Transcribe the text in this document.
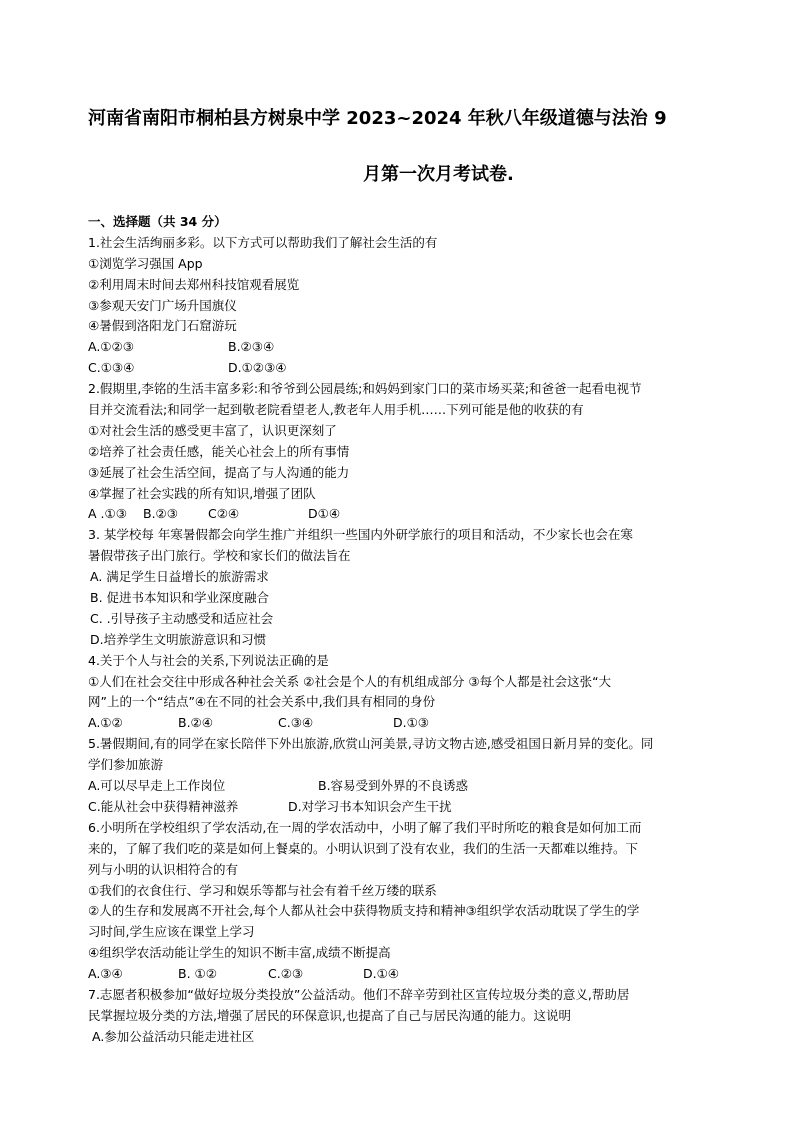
河南省南阳市桐柏县方树泉中学 2023~2024 年秋八年级道德与法治 9
月第一次月考试卷.
一、选择题（共 34 分）
1.社会生活绚丽多彩。以下方式可以帮助我们了解社会生活的有
①浏览学习强国 App
②利用周末时间去郑州科技馆观看展览
③参观天安门广场升国旗仪
④暑假到洛阳龙门石窟游玩
A.①②③	B.②③④
C.①③④	D.①②③④
2.假期里,李铭的生活丰富多彩:和爷爷到公园晨练;和妈妈到家门口的菜市场买菜;和爸爸一起看电视节
目并交流看法;和同学一起到敬老院看望老人,教老年人用手机……下列可能是他的收获的有
①对社会生活的感受更丰富了，认识更深刻了
②培养了社会责任感，能关心社会上的所有事情
③延展了社会生活空间，提高了与人沟通的能力
④掌握了社会实践的所有知识,增强了团队
A .①③ B.②③ C②④	D①④
3. 某学校每 年寒暑假都会向学生推广并组织一些国内外研学旅行的项目和活动，不少家长也会在寒
暑假带孩子出门旅行。学校和家长们的做法旨在
A. 满足学生日益增长的旅游需求
B. 促进书本知识和学业深度融合
C. .引导孩子主动感受和适应社会
D.培养学生文明旅游意识和习惯
4.关于个人与社会的关系,下列说法正确的是
①人们在社会交往中形成各种社会关系 ②社会是个人的有机组成部分 ③每个人都是社会这张“大
网”上的一个“结点”④在不同的社会关系中,我们具有相同的身份
A.①②	B.②④	C.③④	D.①③
5.暑假期间,有的同学在家长陪伴下外出旅游,欣赏山河美景,寻访文物古迹,感受祖国日新月异的变化。同
学们参加旅游
A.可以尽早走上工作岗位	B.容易受到外界的不良诱惑
C.能从社会中获得精神滋养	D.对学习书本知识会产生干扰
6.小明所在学校组织了学农活动,在一周的学农活动中，小明了解了我们平时所吃的粮食是如何加工而
来的，了解了我们吃的菜是如何上餐桌的。小明认识到了没有农业，我们的生活一天都难以维持。下
列与小明的认识相符合的有
①我们的衣食住行、学习和娱乐等都与社会有着千丝万缕的联系
②人的生存和发展离不开社会,每个人都从社会中获得物质支持和精神③组织学农活动耽误了学生的学
习时间,学生应该在课堂上学习
④组织学农活动能让学生的知识不断丰富,成绩不断提高
A.③④	B. ①②	C.②③	D.①④
7.志愿者积极参加“做好垃圾分类投放”公益活动。他们不辞辛劳到社区宣传垃圾分类的意义,帮助居
民掌握垃圾分类的方法,增强了居民的环保意识,也提高了自己与居民沟通的能力。这说明
A.参加公益活动只能走进社区
